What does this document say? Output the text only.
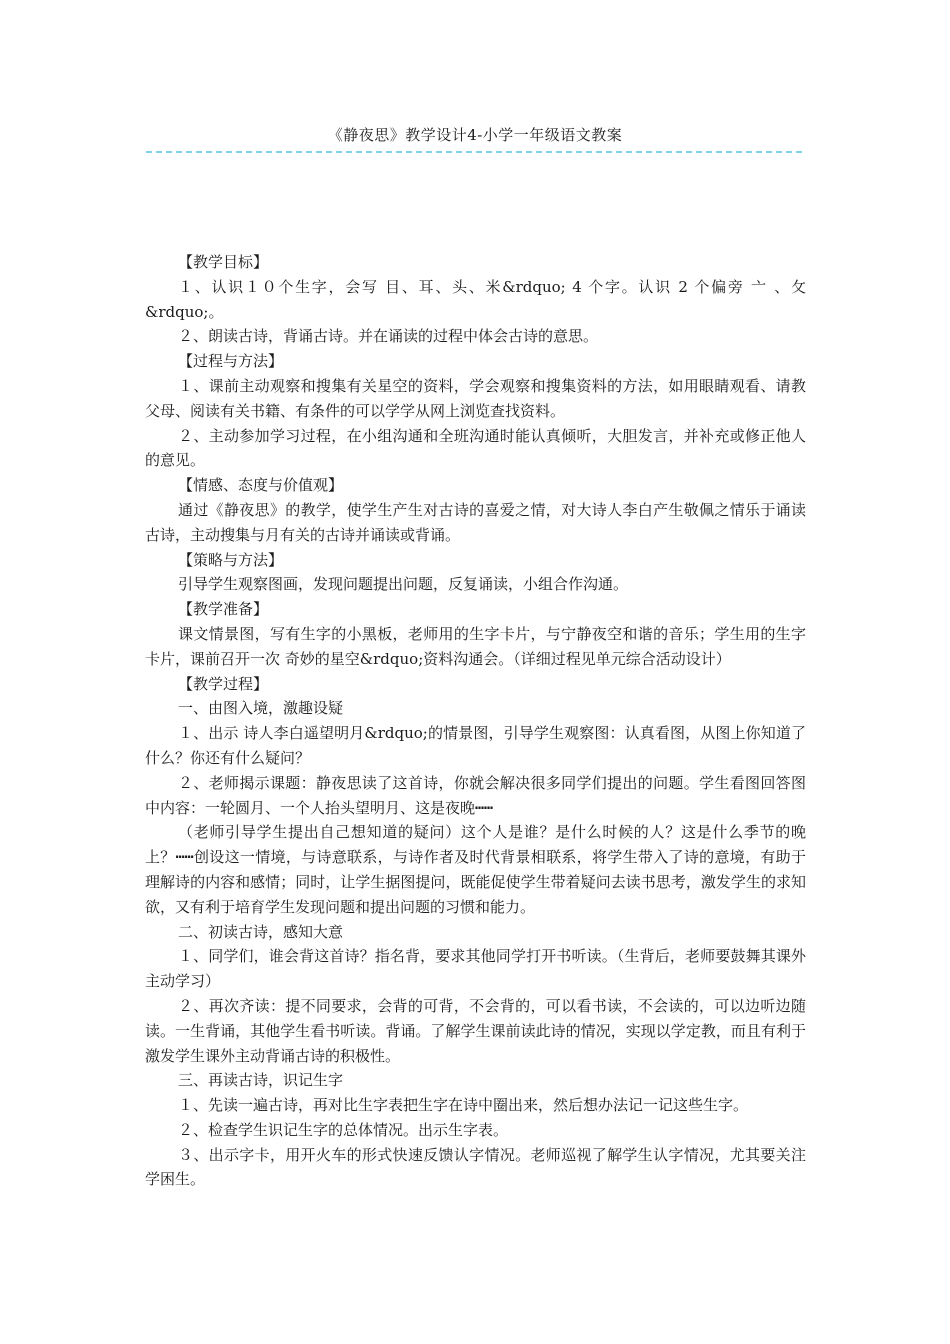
《静夜思》教学设计4-小学一年级语文教案

【教学目标】

１、认识１０个生字，会写 目、耳、头、米&rdquo; 4 个字。认识 2 个偏旁 亠 、攵&rdquo;。

２、朗读古诗，背诵古诗。并在诵读的过程中体会古诗的意思。

【过程与方法】

１、课前主动观察和搜集有关星空的资料，学会观察和搜集资料的方法，如用眼睛观看、请教父母、阅读有关书籍、有条件的可以学学从网上浏览查找资料。

２、主动参加学习过程，在小组沟通和全班沟通时能认真倾听，大胆发言，并补充或修正他人的意见。

【情感、态度与价值观】

通过《静夜思》的教学，使学生产生对古诗的喜爱之情，对大诗人李白产生敬佩之情乐于诵读古诗，主动搜集与月有关的古诗并诵读或背诵。

【策略与方法】

引导学生观察图画，发现问题提出问题，反复诵读，小组合作沟通。

【教学准备】

课文情景图，写有生字的小黑板，老师用的生字卡片，与宁静夜空和谐的音乐；学生用的生字卡片，课前召开一次 奇妙的星空&rdquo;资料沟通会。（详细过程见单元综合活动设计）

【教学过程】

一、由图入境，激趣设疑

１、出示 诗人李白遥望明月&rdquo;的情景图，引导学生观察图：认真看图，从图上你知道了什么？你还有什么疑问？

２、老师揭示课题：静夜思读了这首诗，你就会解决很多同学们提出的问题。学生看图回答图中内容：一轮圆月、一个人抬头望明月、这是夜晚┅┅

（老师引导学生提出自己想知道的疑问）这个人是谁？是什么时候的人？这是什么季节的晚上？┅┅创设这一情境，与诗意联系，与诗作者及时代背景相联系，将学生带入了诗的意境，有助于理解诗的内容和感情；同时，让学生据图提问，既能促使学生带着疑问去读书思考，激发学生的求知欲，又有利于培育学生发现问题和提出问题的习惯和能力。

二、初读古诗，感知大意

１、同学们，谁会背这首诗？指名背，要求其他同学打开书听读。（生背后，老师要鼓舞其课外主动学习）

２、再次齐读：提不同要求，会背的可背，不会背的，可以看书读，不会读的，可以边听边随读。一生背诵，其他学生看书听读。背诵。了解学生课前读此诗的情况，实现以学定教，而且有利于激发学生课外主动背诵古诗的积极性。

三、再读古诗，识记生字

１、先读一遍古诗，再对比生字表把生字在诗中圈出来，然后想办法记一记这些生字。

２、检查学生识记生字的总体情况。出示生字表。

３、出示字卡，用开火车的形式快速反馈认字情况。老师巡视了解学生认字情况，尤其要关注学困生。
